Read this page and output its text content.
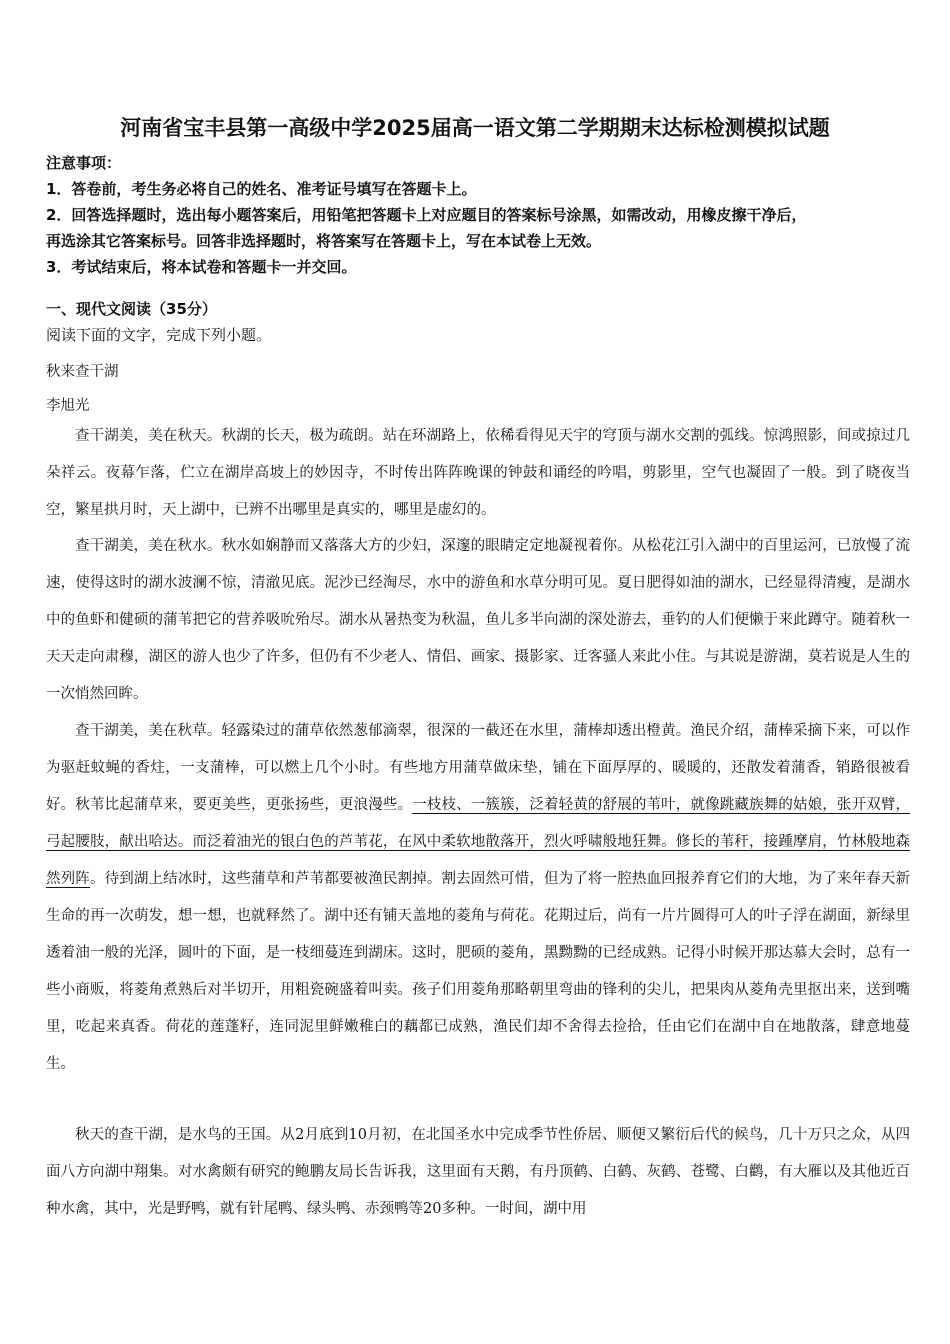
河南省宝丰县第一高级中学2025届高一语文第二学期期末达标检测模拟试题
注意事项：
1．答卷前，考生务必将自己的姓名、准考证号填写在答题卡上。
2．回答选择题时，选出每小题答案后，用铅笔把答题卡上对应题目的答案标号涂黑，如需改动，用橡皮擦干净后，
再选涂其它答案标号。回答非选择题时，将答案写在答题卡上，写在本试卷上无效。
3．考试结束后，将本试卷和答题卡一并交回。
一、现代文阅读（35分）
阅读下面的文字，完成下列小题。
秋来查干湖
李旭光

查干湖美，美在秋天。秋湖的长天，极为疏朗。站在环湖路上，依稀看得见天宇的穹顶与湖水交割的弧线。惊鸿照影，间或掠过几朵祥云。夜幕乍落，伫立在湖岸高坡上的妙因寺，不时传出阵阵晚课的钟鼓和诵经的吟唱，剪影里，空气也凝固了一般。到了晓夜当空，繁星拱月时，天上湖中，已辨不出哪里是真实的，哪里是虚幻的。

查干湖美，美在秋水。秋水如娴静而又落落大方的少妇，深邃的眼睛定定地凝视着你。从松花江引入湖中的百里运河，已放慢了流速，使得这时的湖水波澜不惊，清澈见底。泥沙已经淘尽，水中的游鱼和水草分明可见。夏日肥得如油的湖水，已经显得清瘦，是湖水中的鱼虾和健硕的蒲苇把它的营养吸吮殆尽。湖水从暑热变为秋温，鱼儿多半向湖的深处游去，垂钓的人们便懒于来此蹲守。随着秋一天天走向肃穆，湖区的游人也少了许多，但仍有不少老人、情侣、画家、摄影家、迁客骚人来此小住。与其说是游湖，莫若说是人生的一次悄然回眸。

查干湖美，美在秋草。轻露染过的蒲草依然葱郁滴翠，很深的一截还在水里，蒲棒却透出橙黄。渔民介绍，蒲棒采摘下来，可以作为驱赶蚊蝇的香炷，一支蒲棒，可以燃上几个小时。有些地方用蒲草做床垫，铺在下面厚厚的、暖暖的，还散发着蒲香，销路很被看好。秋苇比起蒲草来，要更美些，更张扬些，更浪漫些。一枝枝、一簇簇，泛着轻黄的舒展的苇叶，就像跳藏族舞的姑娘，张开双臂，弓起腰肢，献出哈达。而泛着油光的银白色的芦苇花，在风中柔软地散落开，烈火呼啸般地狂舞。修长的苇秆，接踵摩肩，竹林般地森然列阵。待到湖上结冰时，这些蒲草和芦苇都要被渔民割掉。割去固然可惜，但为了将一腔热血回报养育它们的大地，为了来年春天新生命的再一次萌发，想一想，也就释然了。湖中还有铺天盖地的菱角与荷花。花期过后，尚有一片片圆得可人的叶子浮在湖面，新绿里透着油一般的光泽，圆叶的下面，是一枝细蔓连到湖床。这时，肥硕的菱角，黑黝黝的已经成熟。记得小时候开那达慕大会时，总有一些小商贩，将菱角煮熟后对半切开，用粗瓷碗盛着叫卖。孩子们用菱角那略朝里弯曲的锋利的尖儿，把果肉从菱角壳里抠出来，送到嘴里，吃起来真香。荷花的莲蓬籽，连同泥里鲜嫩稚白的藕都已成熟，渔民们却不舍得去捡拾，任由它们在湖中自在地散落，肆意地蔓生。

秋天的查干湖，是水鸟的王国。从2月底到10月初，在北国圣水中完成季节性侨居、顺便又繁衍后代的候鸟，几十万只之众，从四面八方向湖中翔集。对水禽颇有研究的鲍鹏友局长告诉我，这里面有天鹅，有丹顶鹤、白鹤、灰鹤、苍鹭、白鹳，有大雁以及其他近百种水禽，其中，光是野鸭，就有针尾鸭、绿头鸭、赤颈鸭等20多种。一时间，湖中用
